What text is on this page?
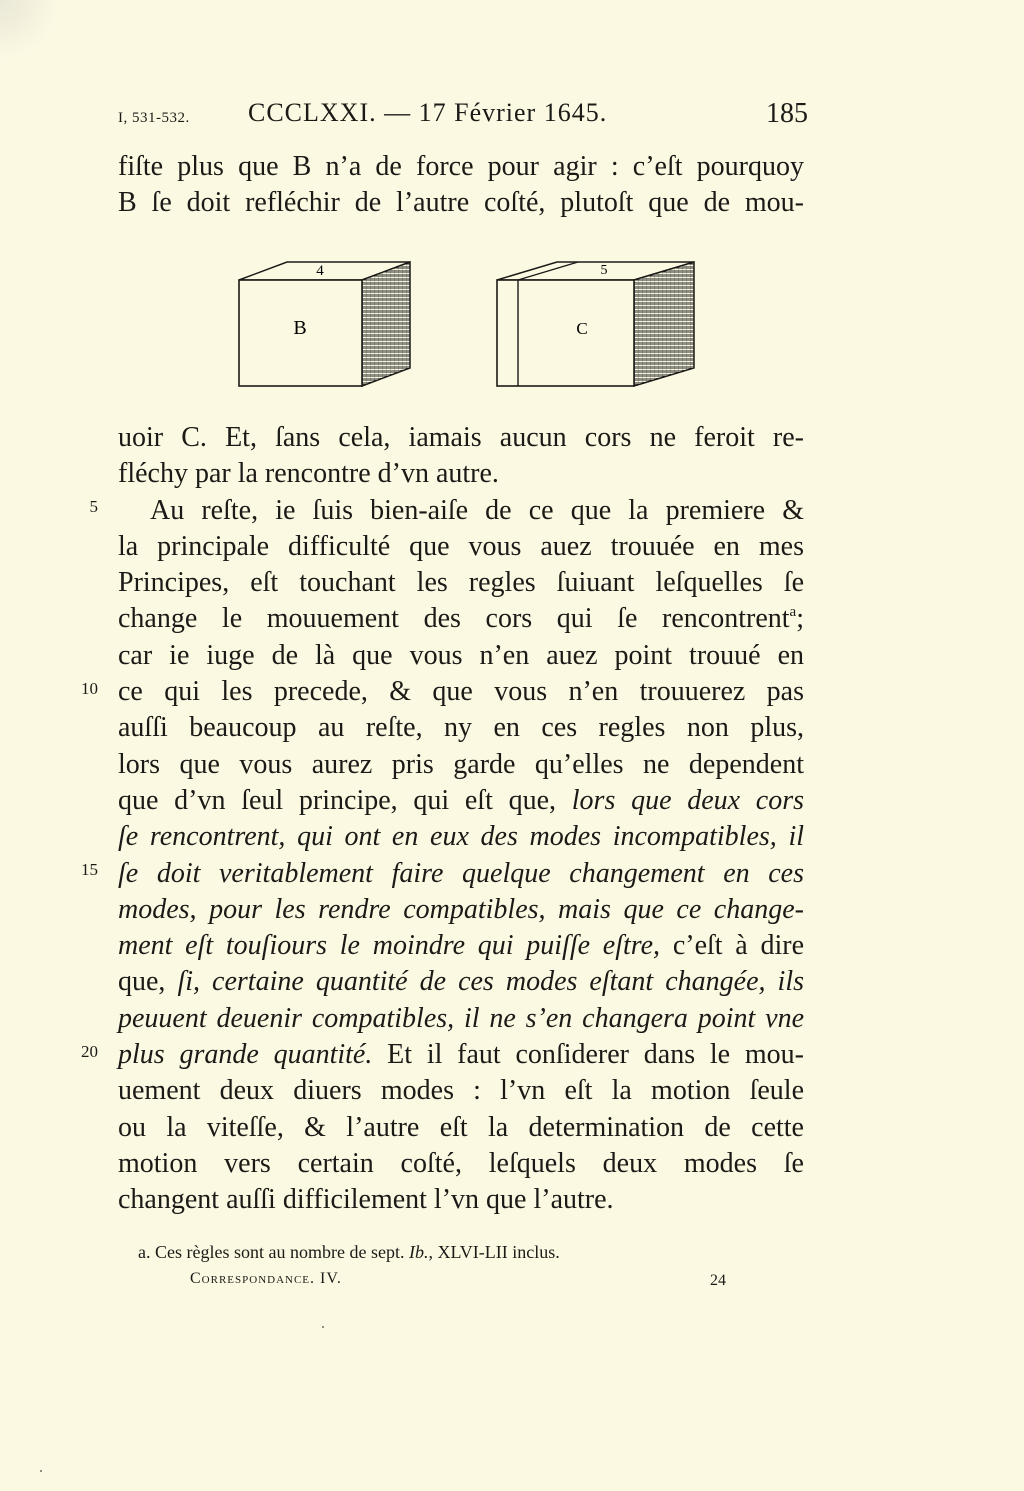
I, 531-532. CCCLXXI. — 17 Février 1645.	185
fiſte plus que B n’a de force pour agir : c’eſt pourquoy
B ſe doit refléchir de l’autre coſté, plutoſt que de mou-
B
4
C
5
uoir C. Et, ſans cela, iamais aucun cors ne feroit re-
fléchy par la rencontre d’vn autre.
Au reſte, ie ſuis bien-aiſe de ce que la premiere &
la principale difficulté que vous auez trouuée en mes
Principes, eſt touchant les regles ſuiuant leſquelles ſe
change le mouuement des cors qui ſe rencontrent$^a$;
car ie iuge de là que vous n’en auez point trouué en
ce qui les precede, & que vous n’en trouuerez pas
auſſi beaucoup au reſte, ny en ces regles non plus,
lors que vous aurez pris garde qu’elles ne dependent
que d’vn ſeul principe, qui eſt que, lors que deux cors
ſe rencontrent, qui ont en eux des modes incompatibles, il
ſe doit veritablement faire quelque changement en ces
modes, pour les rendre compatibles, mais que ce change-
ment eſt touſiours le moindre qui puiſſe eſtre, c’eſt à dire
que, ſi, certaine quantité de ces modes eſtant changée, ils
peuuent deuenir compatibles, il ne s’en changera point vne
plus grande quantité. Et il faut conſiderer dans le mou-
uement deux diuers modes : l’vn eſt la motion ſeule
ou la viteſſe, & l’autre eſt la determination de cette
motion vers certain coſté, leſquels deux modes ſe
changent auſſi difficilement l’vn que l’autre.
5
10
15
20
a. Ces règles sont au nombre de sept. Ib., XLVI-LII inclus.
Correspondance. IV.	24
